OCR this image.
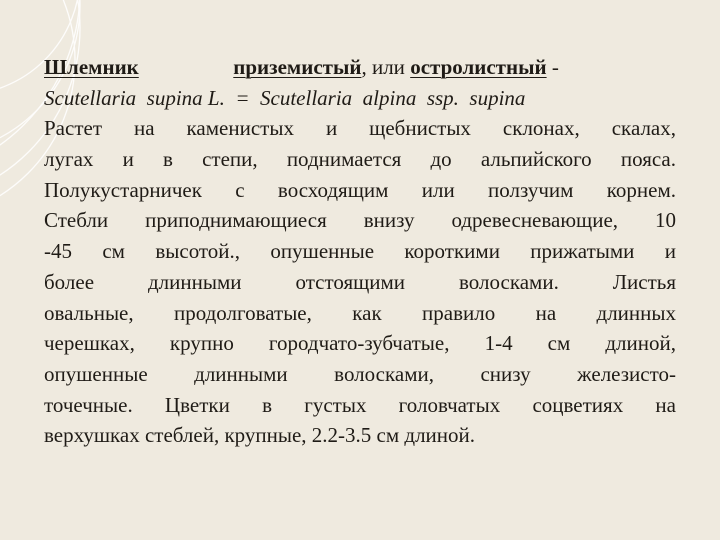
Шлемник	приземистый, или остролистный -
Scutellaria  supina L.  =  Scutellaria  alpina  ssp.  supina
Растет на каменистых и щебнистых склонах, скалах,
лугах и в степи, поднимается до альпийского пояса.
Полукустарничек с восходящим или ползучим корнем.
Стебли приподнимающиеся внизу одревесневающие, 10
-45 см высотой., опушенные короткими прижатыми и
более длинными отстоящими волосками. Листья
овальные, продолговатые, как правило на длинных
черешках, крупно городчато-зубчатые, 1-4 см длиной,
опушенные длинными волосками, снизу железисто-
точечные. Цветки в густых головчатых соцветиях на
верхушках стеблей, крупные, 2.2-3.5 см длиной.
